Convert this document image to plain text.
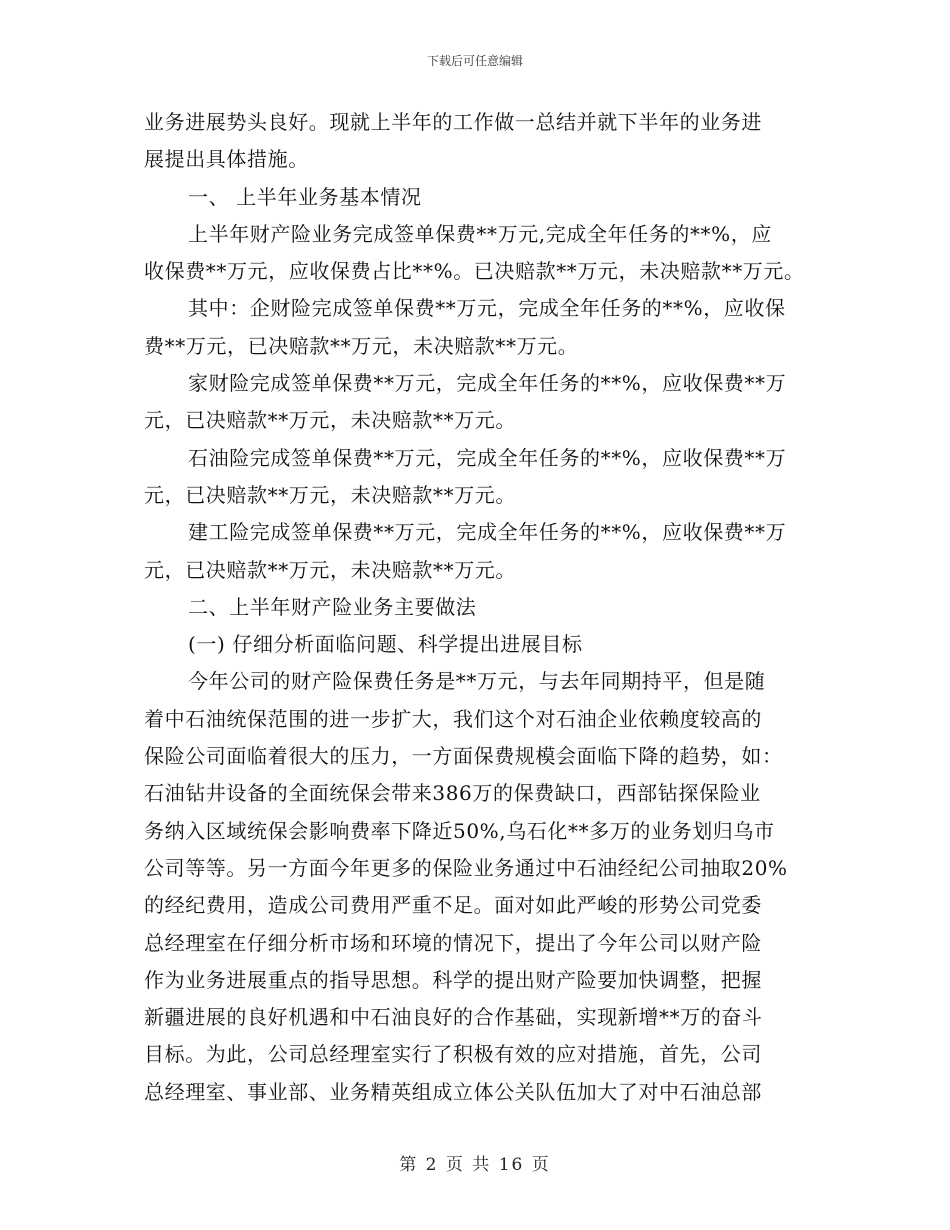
下载后可任意编辑
业务进展势头良好。现就上半年的工作做一总结并就下半年的业务进
展提出具体措施。
一、 上半年业务基本情况
上半年财产险业务完成签单保费**万元,完成全年任务的**%，应
收保费**万元，应收保费占比**%。已决赔款**万元，未决赔款**万元。
其中：企财险完成签单保费**万元，完成全年任务的**%，应收保
费**万元，已决赔款**万元，未决赔款**万元。
家财险完成签单保费**万元，完成全年任务的**%，应收保费**万
元，已决赔款**万元，未决赔款**万元。
石油险完成签单保费**万元，完成全年任务的**%，应收保费**万
元，已决赔款**万元，未决赔款**万元。
建工险完成签单保费**万元，完成全年任务的**%，应收保费**万
元，已决赔款**万元，未决赔款**万元。
二、上半年财产险业务主要做法
(一) 仔细分析面临问题、科学提出进展目标
今年公司的财产险保费任务是**万元，与去年同期持平，但是随
着中石油统保范围的进一步扩大，我们这个对石油企业依赖度较高的
保险公司面临着很大的压力，一方面保费规模会面临下降的趋势，如：
石油钻井设备的全面统保会带来386万的保费缺口，西部钻探保险业
务纳入区域统保会影响费率下降近50%,乌石化**多万的业务划归乌市
公司等等。另一方面今年更多的保险业务通过中石油经纪公司抽取20%
的经纪费用，造成公司费用严重不足。面对如此严峻的形势公司党委
总经理室在仔细分析市场和环境的情况下，提出了今年公司以财产险
作为业务进展重点的指导思想。科学的提出财产险要加快调整，把握
新疆进展的良好机遇和中石油良好的合作基础，实现新增**万的奋斗
目标。为此，公司总经理室实行了积极有效的应对措施，首先，公司
总经理室、事业部、业务精英组成立体公关队伍加大了对中石油总部
第 2 页 共 16 页
